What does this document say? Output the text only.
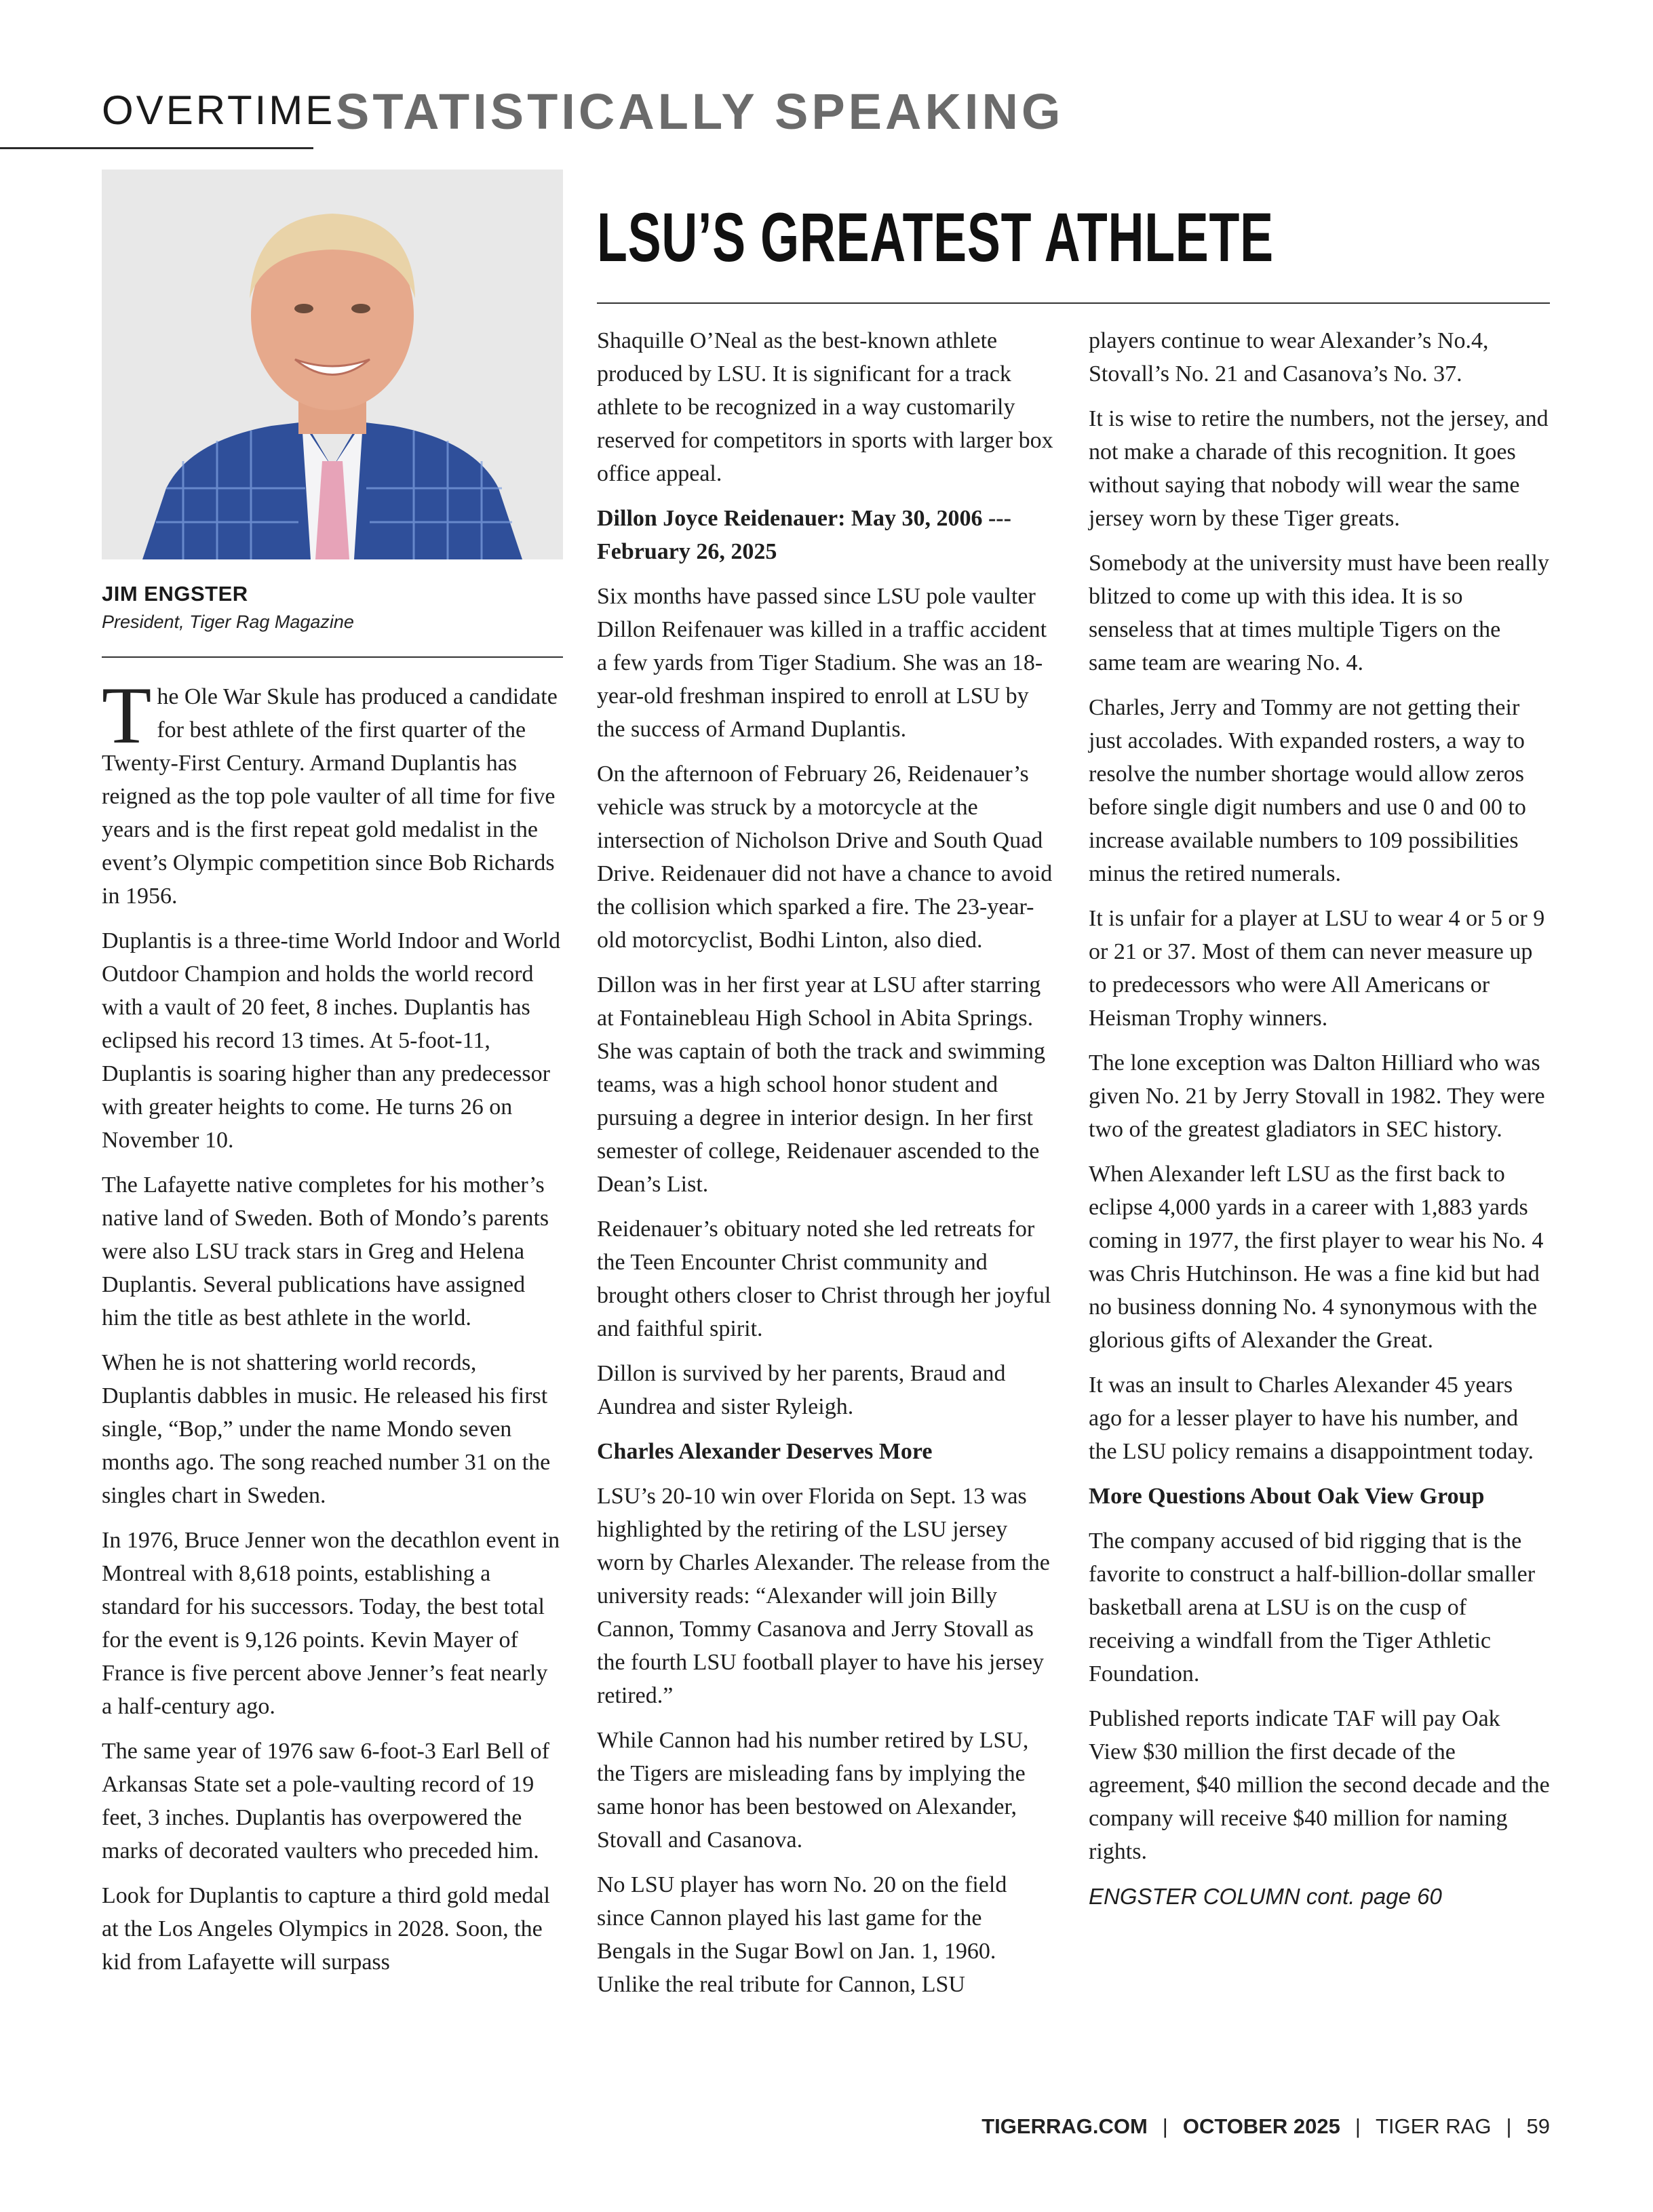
OVERTIME STATISTICALLY SPEAKING
JIM ENGSTER
President, Tiger Rag Magazine
LSU’S GREATEST ATHLETE

The Ole War Skule has produced a candidate for best athlete of the first quarter of the Twenty-First Century. Armand Duplantis has reigned as the top pole vaulter of all time for five years and is the first repeat gold medalist in the event’s Olympic competition since Bob Richards in 1956.

Duplantis is a three-time World Indoor and World Outdoor Champion and holds the world record with a vault of 20 feet, 8 inches. Duplantis has eclipsed his record 13 times. At 5-foot-11, Duplantis is soaring higher than any predecessor with greater heights to come. He turns 26 on November 10.

The Lafayette native completes for his mother’s native land of Sweden. Both of Mondo’s parents were also LSU track stars in Greg and Helena Duplantis. Several publications have assigned him the title as best athlete in the world.

When he is not shattering world records, Duplantis dabbles in music. He released his first single, “Bop,” under the name Mondo seven months ago. The song reached number 31 on the singles chart in Sweden.

In 1976, Bruce Jenner won the decathlon event in Montreal with 8,618 points, establishing a standard for his successors. Today, the best total for the event is 9,126 points. Kevin Mayer of France is five percent above Jenner’s feat nearly a half-century ago.

The same year of 1976 saw 6-foot-3 Earl Bell of Arkansas State set a pole-vaulting record of 19 feet, 3 inches. Duplantis has overpowered the marks of decorated vaulters who preceded him.

Look for Duplantis to capture a third gold medal at the Los Angeles Olympics in 2028. Soon, the kid from Lafayette will surpass

Shaquille O’Neal as the best-known athlete produced by LSU. It is significant for a track athlete to be recognized in a way customarily reserved for competitors in sports with larger box office appeal.

Dillon Joyce Reidenauer: May 30, 2006 --- February 26, 2025

Six months have passed since LSU pole vaulter Dillon Reifenauer was killed in a traffic accident a few yards from Tiger Stadium. She was an 18-year-old freshman inspired to enroll at LSU by the success of Armand Duplantis.

On the afternoon of February 26, Reidenauer’s vehicle was struck by a motorcycle at the intersection of Nicholson Drive and South Quad Drive. Reidenauer did not have a chance to avoid the collision which sparked a fire. The 23-year-old motorcyclist, Bodhi Linton, also died.

Dillon was in her first year at LSU after starring at Fontainebleau High School in Abita Springs. She was captain of both the track and swimming teams, was a high school honor student and pursuing a degree in interior design. In her first semester of college, Reidenauer ascended to the Dean’s List.

Reidenauer’s obituary noted she led retreats for the Teen Encounter Christ community and brought others closer to Christ through her joyful and faithful spirit.

Dillon is survived by her parents, Braud and Aundrea and sister Ryleigh.

Charles Alexander Deserves More

LSU’s 20-10 win over Florida on Sept. 13 was highlighted by the retiring of the LSU jersey worn by Charles Alexander. The release from the university reads: “Alexander will join Billy Cannon, Tommy Casanova and Jerry Stovall as the fourth LSU football player to have his jersey retired.”

While Cannon had his number retired by LSU, the Tigers are misleading fans by implying the same honor has been bestowed on Alexander, Stovall and Casanova.

No LSU player has worn No. 20 on the field since Cannon played his last game for the Bengals in the Sugar Bowl on Jan. 1, 1960. Unlike the real tribute for Cannon, LSU

players continue to wear Alexander’s No.4, Stovall’s No. 21 and Casanova’s No. 37.

It is wise to retire the numbers, not the jersey, and not make a charade of this recognition. It goes without saying that nobody will wear the same jersey worn by these Tiger greats.

Somebody at the university must have been really blitzed to come up with this idea. It is so senseless that at times multiple Tigers on the same team are wearing No. 4.

Charles, Jerry and Tommy are not getting their just accolades. With expanded rosters, a way to resolve the number shortage would allow zeros before single digit numbers and use 0 and 00 to increase available numbers to 109 possibilities minus the retired numerals.

It is unfair for a player at LSU to wear 4 or 5 or 9 or 21 or 37. Most of them can never measure up to predecessors who were All Americans or Heisman Trophy winners.

The lone exception was Dalton Hilliard who was given No. 21 by Jerry Stovall in 1982. They were two of the greatest gladiators in SEC history.

When Alexander left LSU as the first back to eclipse 4,000 yards in a career with 1,883 yards coming in 1977, the first player to wear his No. 4 was Chris Hutchinson. He was a fine kid but had no business donning No. 4 synonymous with the glorious gifts of Alexander the Great.

It was an insult to Charles Alexander 45 years ago for a lesser player to have his number, and the LSU policy remains a disappointment today.

More Questions About Oak View Group

The company accused of bid rigging that is the favorite to construct a half-billion-dollar smaller basketball arena at LSU is on the cusp of receiving a windfall from the Tiger Athletic Foundation.

Published reports indicate TAF will pay Oak View $30 million the first decade of the agreement, $40 million the second decade and the company will receive $40 million for naming rights.

ENGSTER COLUMN cont. page 60

TIGERRAG.COM | OCTOBER 2025 | TIGER RAG | 59
